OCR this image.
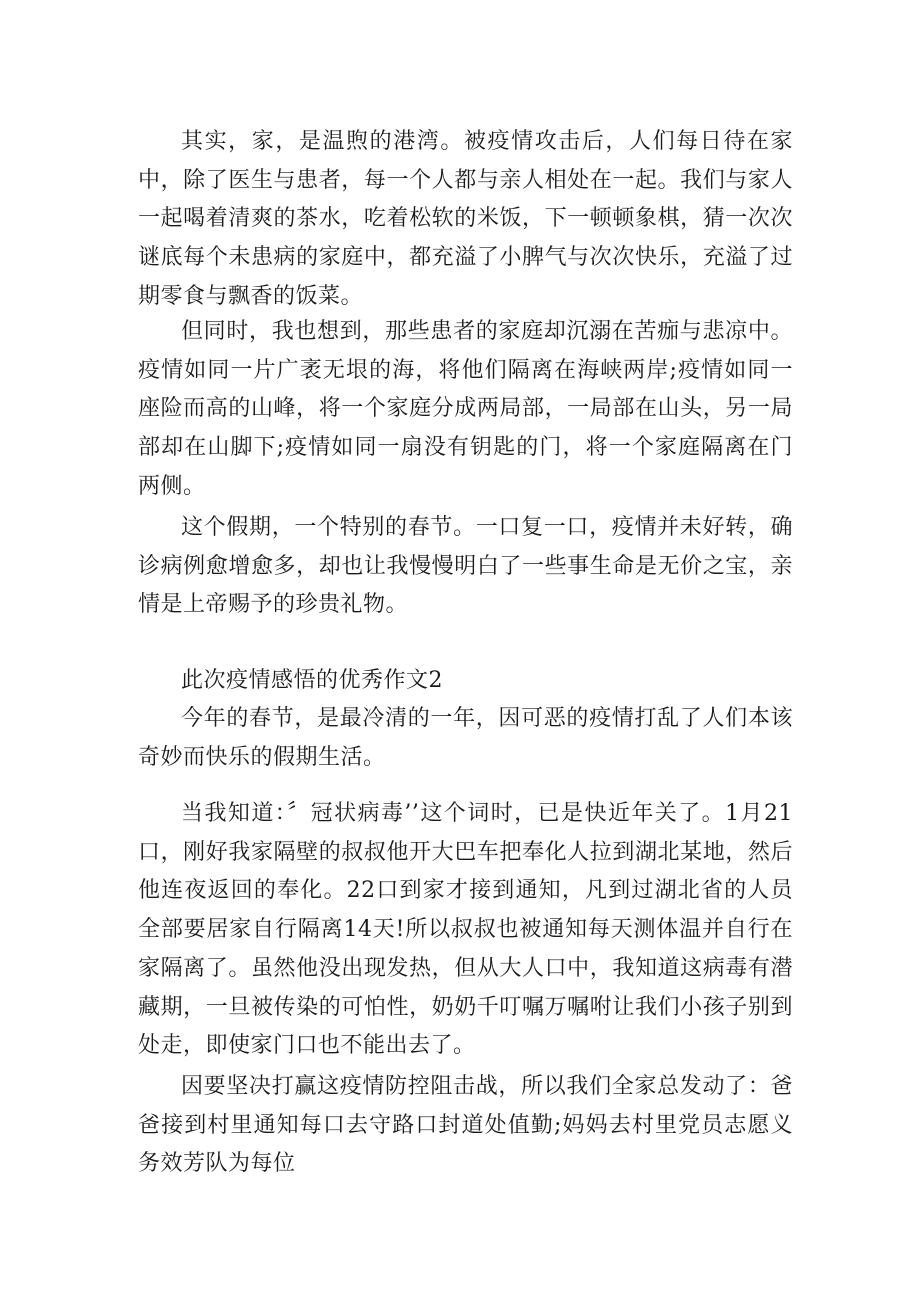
其实，家，是温煦的港湾。被疫情攻击后，人们每日待在家中，除了医生与患者，每一个人都与亲人相处在一起。我们与家人一起喝着清爽的茶水，吃着松软的米饭，下一顿顿象棋，猜一次次谜底每个未患病的家庭中，都充溢了小脾气与次次快乐，充溢了过期零食与飘香的饭菜。

但同时，我也想到，那些患者的家庭却沉溺在苦痂与悲凉中。疫情如同一片广袤无垠的海，将他们隔离在海峡两岸;疫情如同一座险而高的山峰，将一个家庭分成两局部，一局部在山头，另一局部却在山脚下;疫情如同一扇没有钥匙的门，将一个家庭隔离在门两侧。

这个假期，一个特别的春节。一口复一口，疫情并未好转，确诊病例愈增愈多，却也让我慢慢明白了一些事生命是无价之宝，亲情是上帝赐予的珍贵礼物。

此次疫情感悟的优秀作文2

今年的春节，是最冷清的一年，因可恶的疫情打乱了人们本该奇妙而快乐的假期生活。

当我知道：〞冠状病毒’’这个词时，已是快近年关了。1月21口，刚好我家隔壁的叔叔他开大巴车把奉化人拉到湖北某地，然后他连夜返回的奉化。22口到家才接到通知，凡到过湖北省的人员全部要居家自行隔离14天!所以叔叔也被通知每天测体温并自行在家隔离了。虽然他没出现发热，但从大人口中，我知道这病毒有潜藏期，一旦被传染的可怕性，奶奶千叮嘱万嘱咐让我们小孩子别到处走，即使家门口也不能出去了。

因要坚决打赢这疫情防控阻击战，所以我们全家总发动了：爸爸接到村里通知每口去守路口封道处值勤;妈妈去村里党员志愿义务效芳队为每位
